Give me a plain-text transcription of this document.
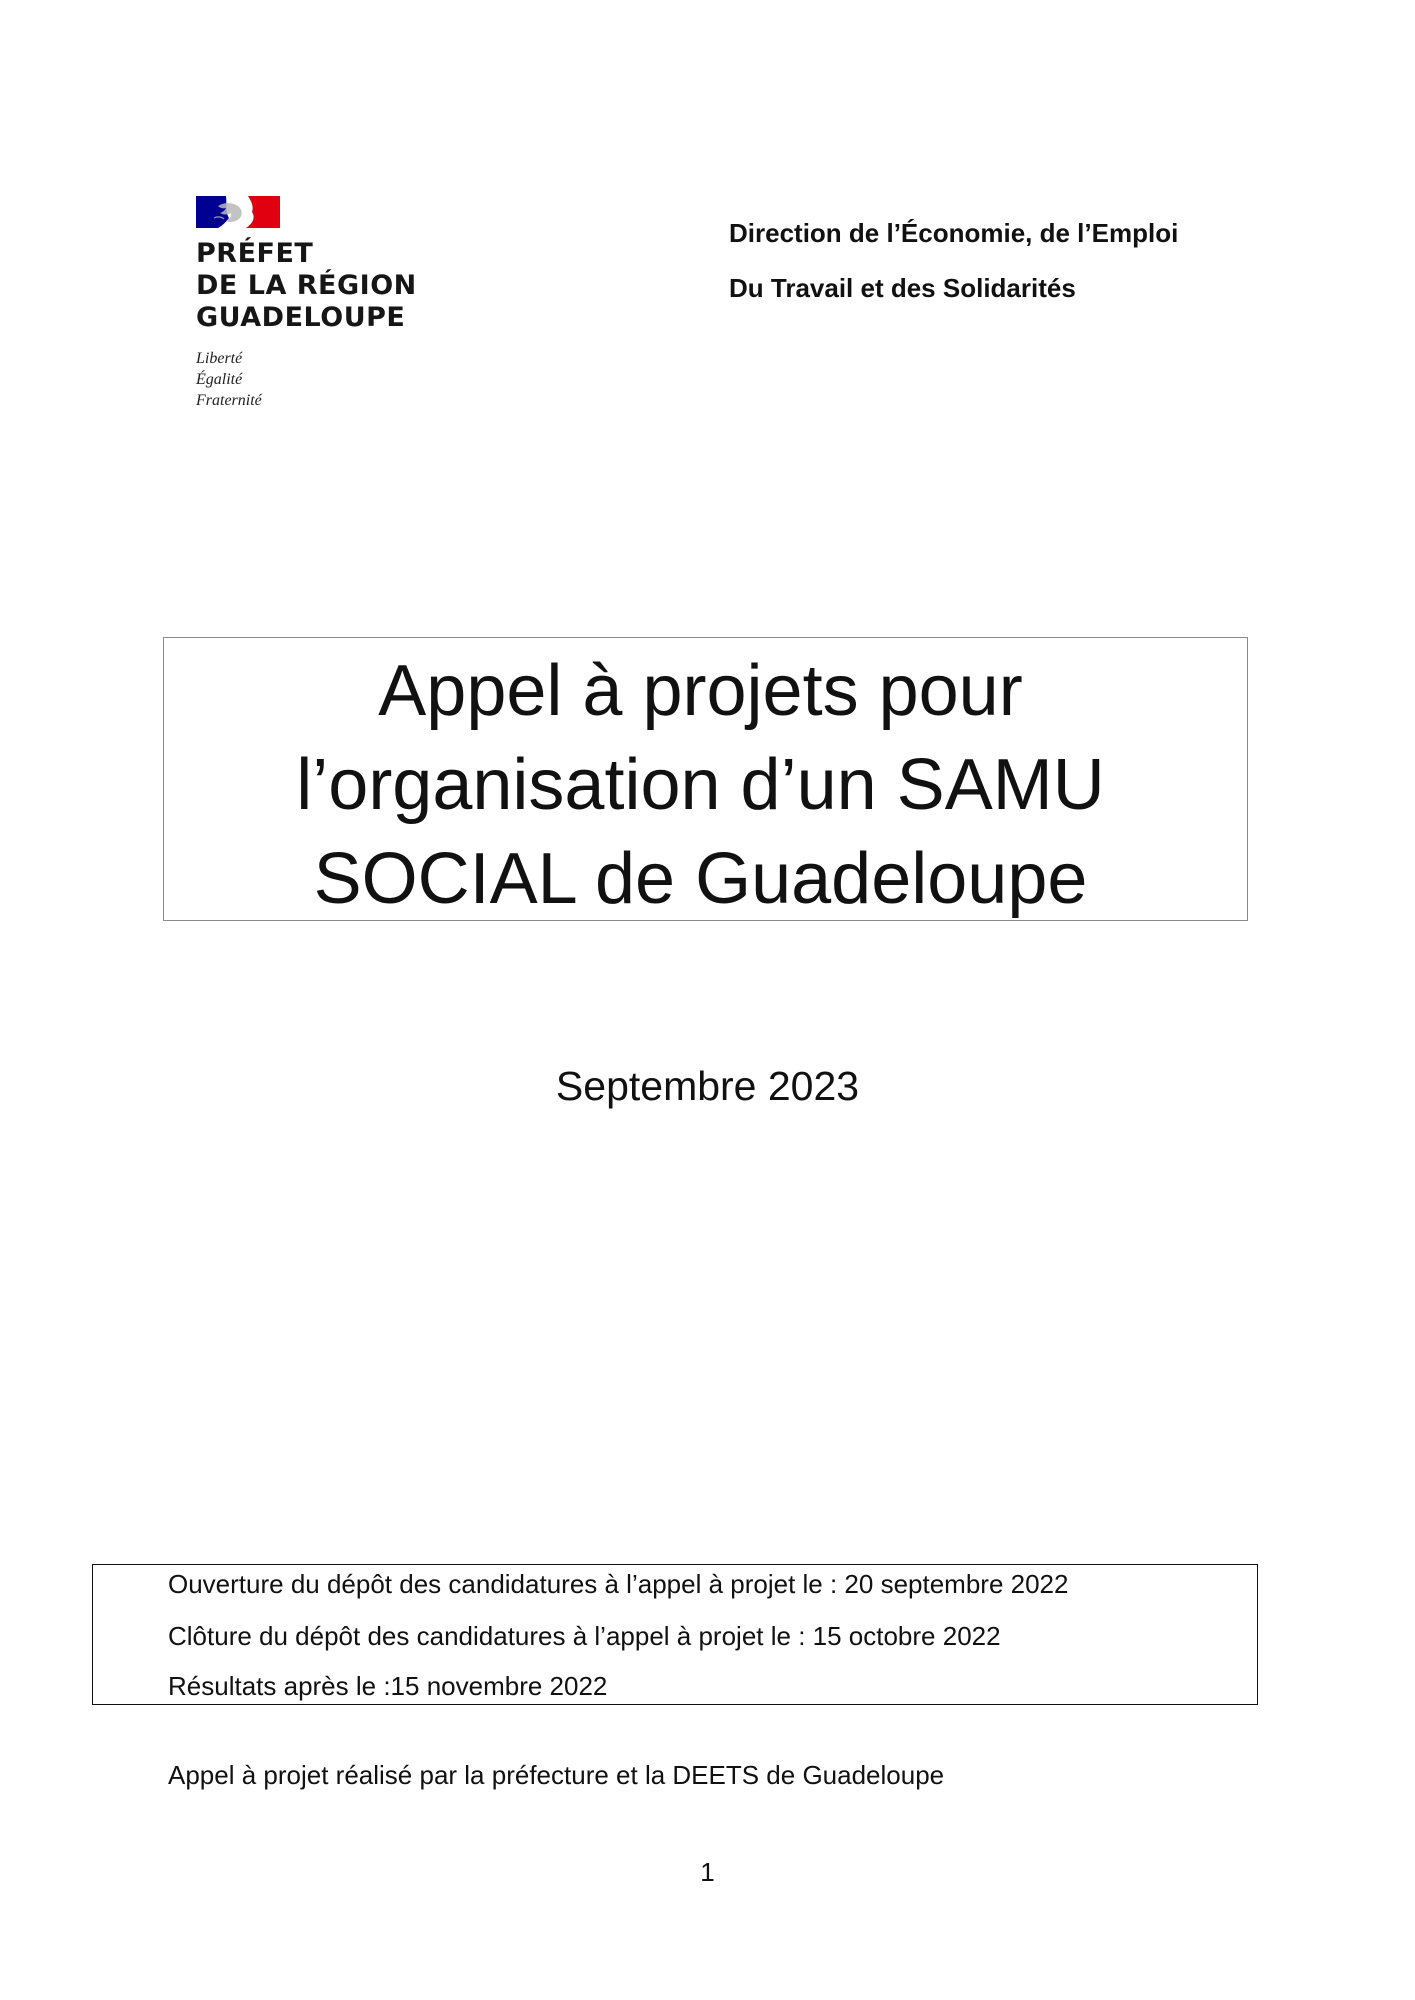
PRÉFET
DE LA RÉGION
GUADELOUPE
Liberté
Égalité
Fraternité
Direction de l’Économie, de l’Emploi
Du Travail et des Solidarités
Appel à projets pour
l’organisation d’un SAMU
SOCIAL de Guadeloupe
Septembre 2023
Ouverture du dépôt des candidatures à l’appel à projet le : 20 septembre 2022
Clôture du dépôt des candidatures à l’appel à projet le : 15 octobre 2022
Résultats après le :15 novembre 2022
Appel à projet réalisé par la préfecture et la DEETS de Guadeloupe
1
